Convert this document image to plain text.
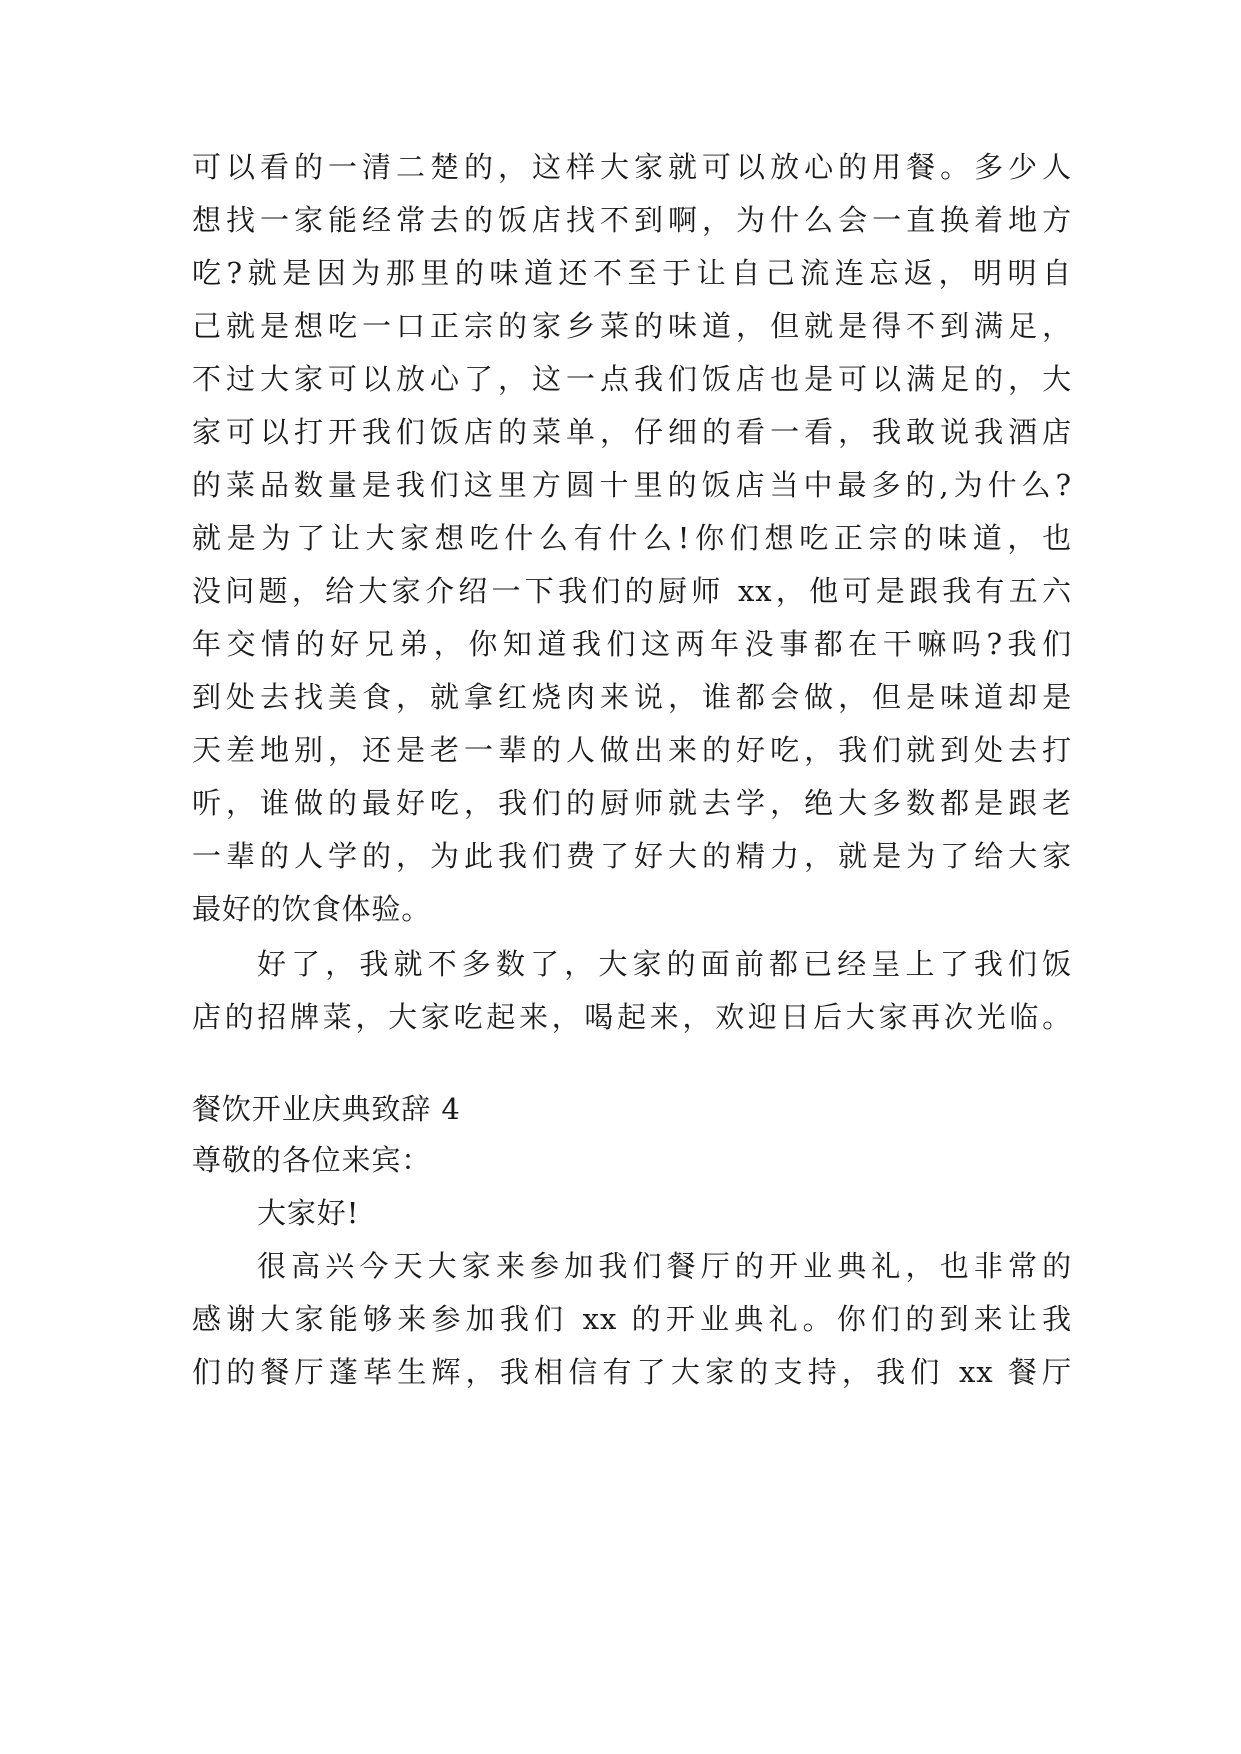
可以看的一清二楚的，这样大家就可以放心的用餐。多少人
想找一家能经常去的饭店找不到啊，为什么会一直换着地方
吃?就是因为那里的味道还不至于让自己流连忘返，明明自
己就是想吃一口正宗的家乡菜的味道，但就是得不到满足，
不过大家可以放心了，这一点我们饭店也是可以满足的，大
家可以打开我们饭店的菜单，仔细的看一看，我敢说我酒店
的菜品数量是我们这里方圆十里的饭店当中最多的,为什么?
就是为了让大家想吃什么有什么!你们想吃正宗的味道，也
没问题，给大家介绍一下我们的厨师 xx，他可是跟我有五六
年交情的好兄弟，你知道我们这两年没事都在干嘛吗?我们
到处去找美食，就拿红烧肉来说，谁都会做，但是味道却是
天差地别，还是老一辈的人做出来的好吃，我们就到处去打
听，谁做的最好吃，我们的厨师就去学，绝大多数都是跟老
一辈的人学的，为此我们费了好大的精力，就是为了给大家
最好的饮食体验。
好了，我就不多数了，大家的面前都已经呈上了我们饭
店的招牌菜，大家吃起来，喝起来，欢迎日后大家再次光临。
餐饮开业庆典致辞 4
尊敬的各位来宾：
大家好!
很高兴今天大家来参加我们餐厅的开业典礼，也非常的
感谢大家能够来参加我们 xx 的开业典礼。你们的到来让我
们的餐厅蓬荜生辉，我相信有了大家的支持，我们 xx 餐厅
